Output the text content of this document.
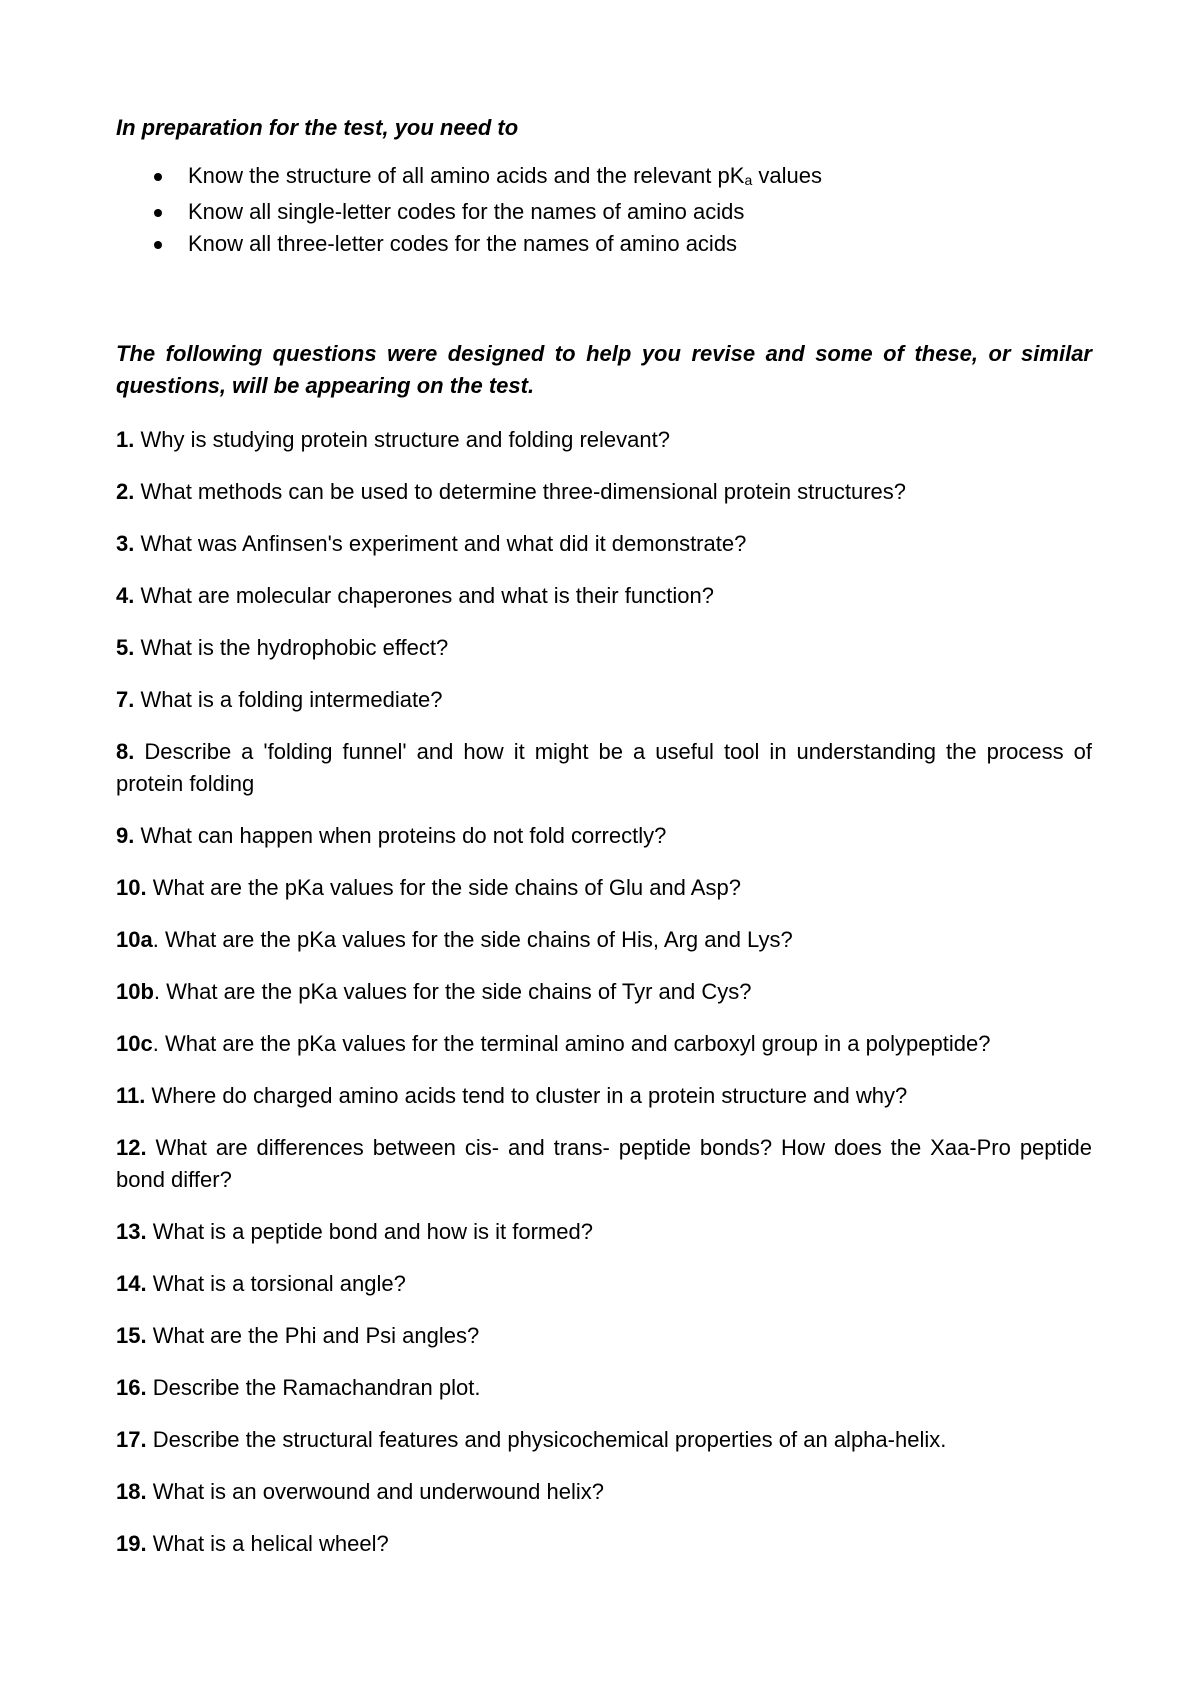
In preparation for the test, you need to

Know the structure of all amino acids and the relevant pKa values
Know all single-letter codes for the names of amino acids
Know all three-letter codes for the names of amino acids

The following questions were designed to help you revise and some of these, or similar questions, will be appearing on the test.

1. Why is studying protein structure and folding relevant?

2. What methods can be used to determine three-dimensional protein structures?

3. What was Anfinsen's experiment and what did it demonstrate?

4. What are molecular chaperones and what is their function?

5. What is the hydrophobic effect?

7. What is a folding intermediate?

8. Describe a 'folding funnel' and how it might be a useful tool in understanding the process of protein folding

9. What can happen when proteins do not fold correctly?

10. What are the pKa values for the side chains of Glu and Asp?

10a. What are the pKa values for the side chains of His, Arg and Lys?

10b. What are the pKa values for the side chains of Tyr and Cys?

10c. What are the pKa values for the terminal amino and carboxyl group in a polypeptide?

11. Where do charged amino acids tend to cluster in a protein structure and why?

12. What are differences between cis- and trans- peptide bonds? How does the Xaa-Pro peptide bond differ?

13. What is a peptide bond and how is it formed?

14. What is a torsional angle?

15. What are the Phi and Psi angles?

16. Describe the Ramachandran plot.

17. Describe the structural features and physicochemical properties of an alpha-helix.

18. What is an overwound and underwound helix?

19. What is a helical wheel?
